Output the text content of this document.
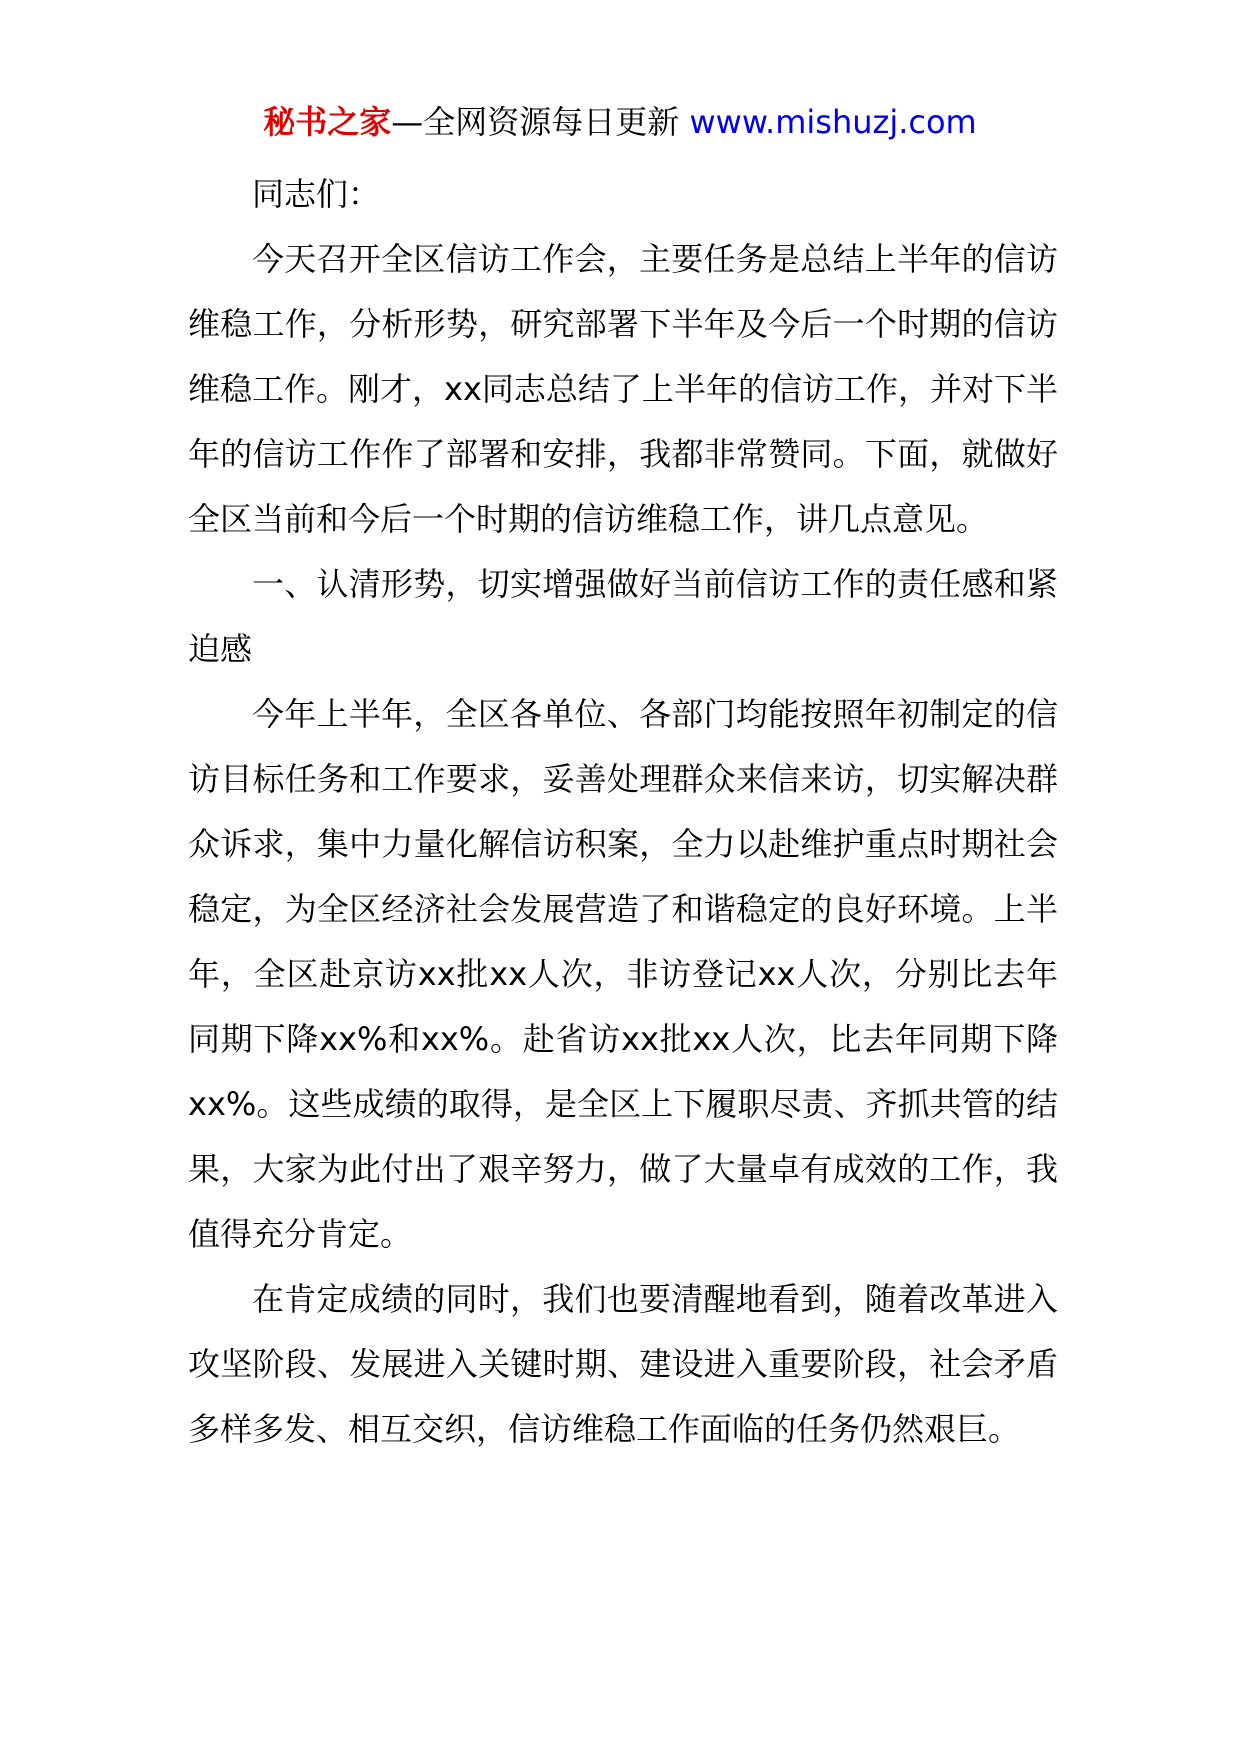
秘书之家—全网资源每日更新 www.mishuzj.com

同志们：

今天召开全区信访工作会，主要任务是总结上半年的信访维稳工作，分析形势，研究部署下半年及今后一个时期的信访维稳工作。刚才，xx同志总结了上半年的信访工作，并对下半年的信访工作作了部署和安排，我都非常赞同。下面，就做好全区当前和今后一个时期的信访维稳工作，讲几点意见。

一、认清形势，切实增强做好当前信访工作的责任感和紧迫感

今年上半年，全区各单位、各部门均能按照年初制定的信访目标任务和工作要求，妥善处理群众来信来访，切实解决群众诉求，集中力量化解信访积案，全力以赴维护重点时期社会稳定，为全区经济社会发展营造了和谐稳定的良好环境。上半年，全区赴京访xx批xx人次，非访登记xx人次，分别比去年同期下降xx%和xx%。赴省访xx批xx人次，比去年同期下降xx%。这些成绩的取得，是全区上下履职尽责、齐抓共管的结果，大家为此付出了艰辛努力，做了大量卓有成效的工作，我值得充分肯定。

在肯定成绩的同时，我们也要清醒地看到，随着改革进入攻坚阶段、发展进入关键时期、建设进入重要阶段，社会矛盾多样多发、相互交织，信访维稳工作面临的任务仍然艰巨。
